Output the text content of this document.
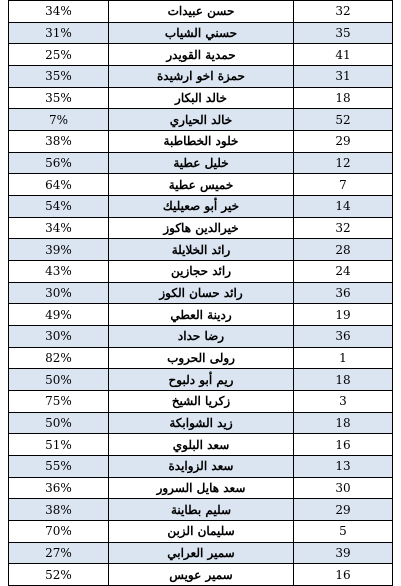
34%	حسن عبيدات	32
31%	حسني الشياب	35
25%	حمدية القويدر	41
35%	حمزة اخو ارشيدة	31
35%	خالد البكار	18
7%	خالد الحياري	52
38%	خلود الخطاطبة	29
56%	خليل عطية	12
64%	خميس عطية	7
54%	خير أبو صعيليك	14
34%	خيرالدين هاكوز	32
39%	رائد الخلايلة	28
43%	رائد حجازين	24
30%	رائد حسان الكوز	36
49%	ردينة العطي	19
30%	رضا حداد	36
82%	رولى الحروب	1
50%	ريم أبو دلبوح	18
75%	زكريا الشيخ	3
50%	زيد الشوابكة	18
51%	سعد البلوي	16
55%	سعد الزوايدة	13
36%	سعد هايل السرور	30
38%	سليم بطاينة	29
70%	سليمان الزبن	5
27%	سمير العرابي	39
52%	سمير عويس	16
